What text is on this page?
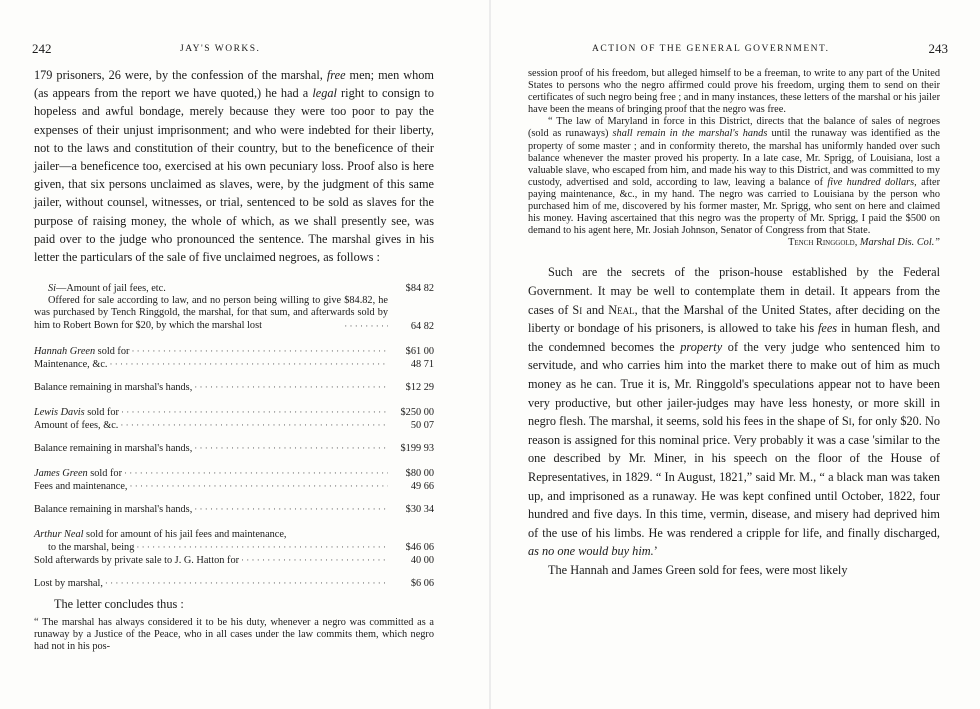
242	JAY'S WORKS.

179 prisoners, 26 were, by the confession of the marshal, free men; men whom (as appears from the report we have quoted,) he had a legal right to consign to hopeless and awful bondage, merely because they were too poor to pay the expenses of their unjust imprisonment; and who were indebted for their liberty, not to the laws and constitution of their country, but to the beneficence of their jailer—a beneficence too, exercised at his own pecuniary loss. Proof also is here given, that six persons unclaimed as slaves, were, by the judgment of this same jailer, without counsel, witnesses, or trial, sentenced to be sold as slaves for the purpose of raising money, the whole of which, as we shall presently see, was paid over to the judge who pronounced the sentence. The marshal gives in his letter the particulars of the sale of five unclaimed negroes, as follows :

Si—Amount of jail fees, etc.	$84 82
Offered for sale according to law, and no person being willing to give $84.82, he was purchased by Tench Ringgold, the marshal, for that sum, and afterwards sold by him to Robert Bown for $20, by which the marshal lost · · ·	64 82
Hannah Green sold for · · ·	$61 00
Maintenance, &c. · · ·	48 71
Balance remaining in marshal's hands, · · ·	$12 29
Lewis Davis sold for · · ·	$250 00
Amount of fees, &c. · · ·	50 07
Balance remaining in marshal's hands, · · ·	$199 93
James Green sold for · · ·	$80 00
Fees and maintenance, · · ·	49 66
Balance remaining in marshal's hands, · · ·	$30 34
Arthur Neal sold for amount of his jail fees and maintenance,
to the marshal, being · · ·	$46 06
Sold afterwards by private sale to J. G. Hatton for · · ·	40 00
Lost by marshal, · · ·	$6 06

The letter concludes thus :

“ The marshal has always considered it to be his duty, whenever a negro was committed as a runaway by a Justice of the Peace, who in all cases under the law commits them, which negro had not in his pos-

ACTION OF THE GENERAL GOVERNMENT.	243

session proof of his freedom, but alleged himself to be a freeman, to write to any part of the United States to persons who the negro affirmed could prove his freedom, urging them to send on their certificates of such negro being free ; and in many instances, these letters of the marshal or his jailer have been the means of bringing proof that the negro was free.

“ The law of Maryland in force in this District, directs that the balance of sales of negroes (sold as runaways) shall remain in the marshal's hands until the runaway was identified as the property of some master ; and in conformity thereto, the marshal has uniformly handed over such balance whenever the master proved his property. In a late case, Mr. Sprigg, of Louisiana, lost a valuable slave, who escaped from him, and made his way to this District, and was committed to my custody, advertised and sold, according to law, leaving a balance of five hundred dollars, after paying maintenance, &c., in my hand. The negro was carried to Louisiana by the person who purchased him of me, discovered by his former master, Mr. Sprigg, who sent on here and claimed his money. Having ascertained that this negro was the property of Mr. Sprigg, I paid the $500 on demand to his agent here, Mr. Josiah Johnson, Senator of Congress from that State.

Tench Ringgold, Marshal Dis. Col.”

Such are the secrets of the prison-house established by the Federal Government. It may be well to contemplate them in detail. It appears from the cases of Si and Neal, that the Marshal of the United States, after deciding on the liberty or bondage of his prisoners, is allowed to take his fees in human flesh, and the condemned becomes the property of the very judge who sentenced him to servitude, and who carries him into the market there to make out of him as much money as he can. True it is, Mr. Ringgold's speculations appear not to have been very productive, but other jailer-judges may have less honesty, or more skill in negro flesh. The marshal, it seems, sold his fees in the shape of Si, for only $20. No reason is assigned for this nominal price. Very probably it was a case 'similar to the one described by Mr. Miner, in his speech on the floor of the House of Representatives, in 1829. “ In August, 1821,” said Mr. M., “ a black man was taken up, and imprisoned as a runaway. He was kept confined until October, 1822, four hundred and five days. In this time, vermin, disease, and misery had deprived him of the use of his limbs. He was rendered a cripple for life, and finally discharged, as no one would buy him.’

The Hannah and James Green sold for fees, were most likely
